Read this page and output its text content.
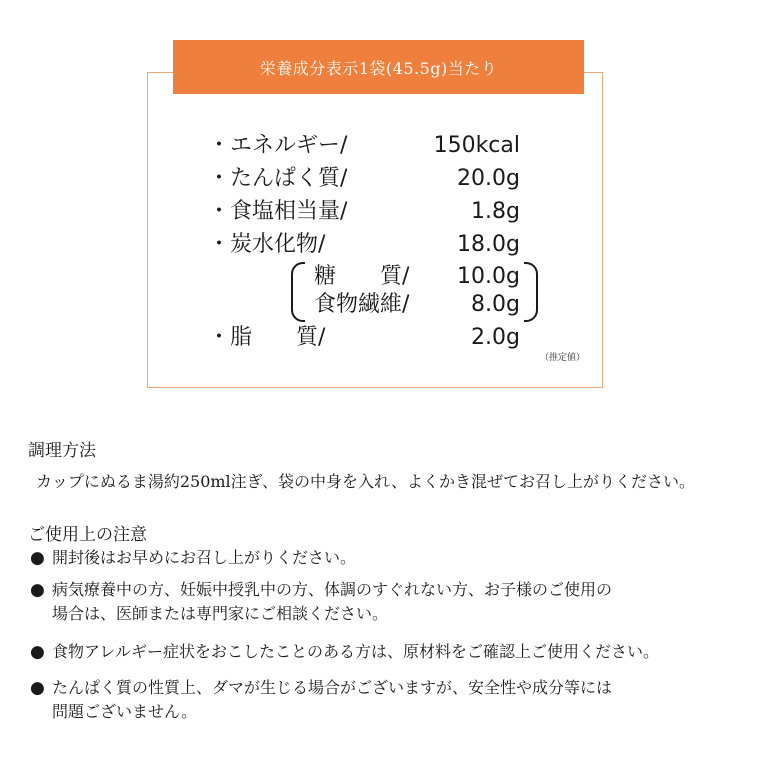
栄養成分表示1袋(45.5g)当たり
・エネルギー/	150kcal
・たんぱく質/	20.0g
・食塩相当量/	1.8g
・炭水化物/	18.0g
糖　　質/ 10.0g
食物繊維/	8.0g
・脂　　質/	2.0g
（推定値）
調理方法
カップにぬるま湯約250ml注ぎ、袋の中身を入れ、よくかき混ぜてお召し上がりください。
ご使用上の注意
● 開封後はお早めにお召し上がりください。
● 病気療養中の方、妊娠中授乳中の方、体調のすぐれない方、お子様のご使用の
場合は、医師または専門家にご相談ください。
● 食物アレルギー症状をおこしたことのある方は、原材料をご確認上ご使用ください。
● たんぱく質の性質上、ダマが生じる場合がございますが、安全性や成分等には
問題ございません。
